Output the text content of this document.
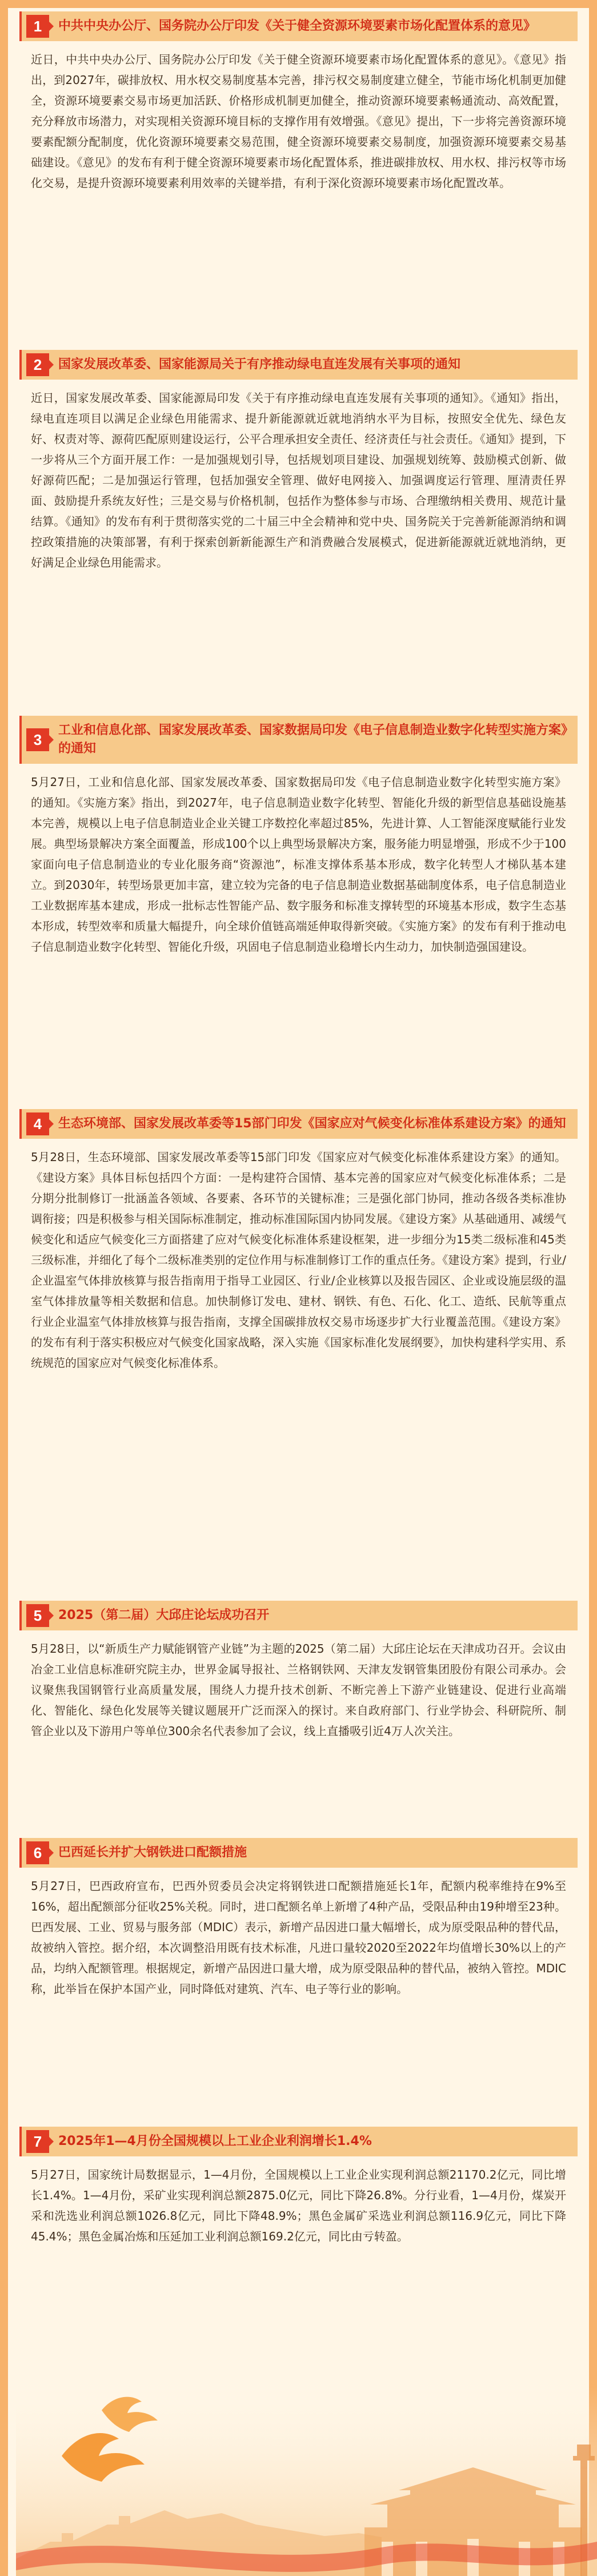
1	中共中央办公厅、国务院办公厅印发《关于健全资源环境要素市场化配置体系的意见》
近日，中共中央办公厅、国务院办公厅印发《关于健全资源环境要素市场化配置体系的意见》。《意见》指出，到2027年，碳排放权、用水权交易制度基本完善，排污权交易制度建立健全，节能市场化机制更加健全，资源环境要素交易市场更加活跃、价格形成机制更加健全，推动资源环境要素畅通流动、高效配置，充分释放市场潜力，对实现相关资源环境目标的支撑作用有效增强。《意见》提出，下一步将完善资源环境要素配额分配制度，优化资源环境要素交易范围，健全资源环境要素交易制度，加强资源环境要素交易基础建设。《意见》的发布有利于健全资源环境要素市场化配置体系，推进碳排放权、用水权、排污权等市场化交易，是提升资源环境要素利用效率的关键举措，有利于深化资源环境要素市场化配置改革。
2	国家发展改革委、国家能源局关于有序推动绿电直连发展有关事项的通知
近日，国家发展改革委、国家能源局印发《关于有序推动绿电直连发展有关事项的通知》。《通知》指出，绿电直连项目以满足企业绿色用能需求、提升新能源就近就地消纳水平为目标，按照安全优先、绿色友好、权责对等、源荷匹配原则建设运行，公平合理承担安全责任、经济责任与社会责任。《通知》提到，下一步将从三个方面开展工作：一是加强规划引导，包括规划项目建设、加强规划统筹、鼓励模式创新、做好源荷匹配；二是加强运行管理，包括加强安全管理、做好电网接入、加强调度运行管理、厘清责任界面、鼓励提升系统友好性；三是交易与价格机制，包括作为整体参与市场、合理缴纳相关费用、规范计量结算。《通知》的发布有利于贯彻落实党的二十届三中全会精神和党中央、国务院关于完善新能源消纳和调控政策措施的决策部署，有利于探索创新新能源生产和消费融合发展模式，促进新能源就近就地消纳，更好满足企业绿色用能需求。
3
工业和信息化部、国家发展改革委、国家数据局印发《电子信息制造业数字化转型实施方案》的通知
5月27日，工业和信息化部、国家发展改革委、国家数据局印发《电子信息制造业数字化转型实施方案》的通知。《实施方案》指出，到2027年，电子信息制造业数字化转型、智能化升级的新型信息基础设施基本完善，规模以上电子信息制造业企业关键工序数控化率超过85%，先进计算、人工智能深度赋能行业发展。典型场景解决方案全面覆盖，形成100个以上典型场景解决方案，服务能力明显增强，形成不少于100家面向电子信息制造业的专业化服务商“资源池”，标准支撑体系基本形成，数字化转型人才梯队基本建立。到2030年，转型场景更加丰富，建立较为完备的电子信息制造业数据基础制度体系，电子信息制造业工业数据库基本建成，形成一批标志性智能产品、数字服务和标准支撑转型的环境基本形成，数字生态基本形成，转型效率和质量大幅提升，向全球价值链高端延伸取得新突破。《实施方案》的发布有利于推动电子信息制造业数字化转型、智能化升级，巩固电子信息制造业稳增长内生动力，加快制造强国建设。
4	生态环境部、国家发展改革委等15部门印发《国家应对气候变化标准体系建设方案》的通知
5月28日，生态环境部、国家发展改革委等15部门印发《国家应对气候变化标准体系建设方案》的通知。《建设方案》具体目标包括四个方面：一是构建符合国情、基本完善的国家应对气候变化标准体系；二是分期分批制修订一批涵盖各领域、各要素、各环节的关键标准；三是强化部门协同，推动各级各类标准协调衔接；四是积极参与相关国际标准制定，推动标准国际国内协同发展。《建设方案》从基础通用、减缓气候变化和适应气候变化三方面搭建了应对气候变化标准体系建设框架，进一步细分为15类二级标准和45类三级标准，并细化了每个二级标准类别的定位作用与标准制修订工作的重点任务。《建设方案》提到，行业/企业温室气体排放核算与报告指南用于指导工业园区、行业/企业核算以及报告园区、企业或设施层级的温室气体排放量等相关数据和信息。加快制修订发电、建材、钢铁、有色、石化、化工、造纸、民航等重点行业企业温室气体排放核算与报告指南，支撑全国碳排放权交易市场逐步扩大行业覆盖范围。《建设方案》的发布有利于落实积极应对气候变化国家战略，深入实施《国家标准化发展纲要》，加快构建科学实用、系统规范的国家应对气候变化标准体系。
5	2025（第二届）大邱庄论坛成功召开
5月28日，以“新质生产力赋能钢管产业链”为主题的2025（第二届）大邱庄论坛在天津成功召开。会议由冶金工业信息标准研究院主办，世界金属导报社、兰格钢铁网、天津友发钢管集团股份有限公司承办。会议聚焦我国钢管行业高质量发展，围绕人力提升技术创新、不断完善上下游产业链建设、促进行业高端化、智能化、绿色化发展等关键议题展开广泛而深入的探讨。来自政府部门、行业学协会、科研院所、制管企业以及下游用户等单位300余名代表参加了会议，线上直播吸引近4万人次关注。
6	巴西延长并扩大钢铁进口配额措施
5月27日，巴西政府宣布，巴西外贸委员会决定将钢铁进口配额措施延长1年，配额内税率维持在9%至16%，超出配额部分征收25%关税。同时，进口配额名单上新增了4种产品，受限品种由19种增至23种。巴西发展、工业、贸易与服务部（MDIC）表示，新增产品因进口量大幅增长，成为原受限品种的替代品，故被纳入管控。据介绍，本次调整沿用既有技术标准，凡进口量较2020至2022年均值增长30%以上的产品，均纳入配额管理。根据规定，新增产品因进口量大增，成为原受限品种的替代品，被纳入管控。MDIC称，此举旨在保护本国产业，同时降低对建筑、汽车、电子等行业的影响。
7	2025年1—4月份全国规模以上工业企业利润增长1.4%
5月27日，国家统计局数据显示，1—4月份，全国规模以上工业企业实现利润总额21170.2亿元，同比增长1.4%。1—4月份，采矿业实现利润总额2875.0亿元，同比下降26.8%。分行业看，1—4月份，煤炭开采和洗选业利润总额1026.8亿元，同比下降48.9%；黑色金属矿采选业利润总额116.9亿元，同比下降45.4%；黑色金属冶炼和压延加工业利润总额169.2亿元，同比由亏转盈。
